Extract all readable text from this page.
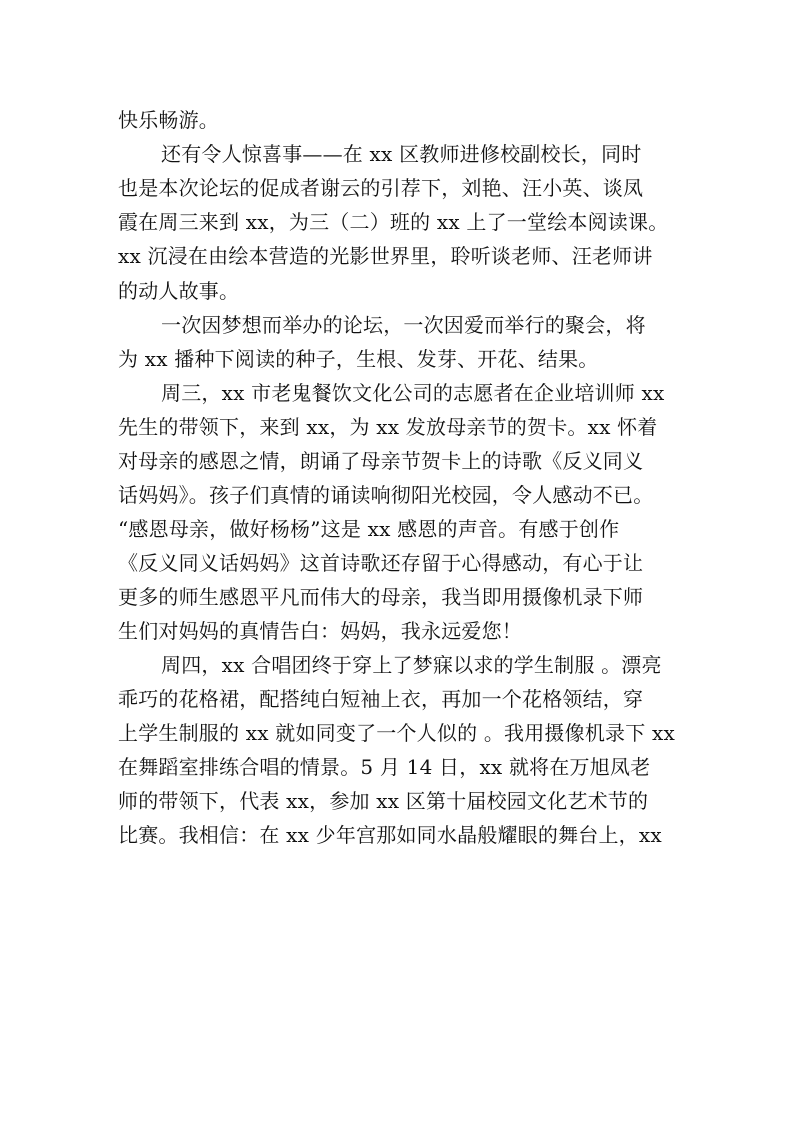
快乐畅游。
还有令人惊喜事——在 xx 区教师进修校副校长，同时
也是本次论坛的促成者谢云的引荐下，刘艳、汪小英、谈凤
霞在周三来到 xx，为三（二）班的 xx 上了一堂绘本阅读课。
xx 沉浸在由绘本营造的光影世界里，聆听谈老师、汪老师讲
的动人故事。
一次因梦想而举办的论坛，一次因爱而举行的聚会，将
为 xx 播种下阅读的种子，生根、发芽、开花、结果。
周三，xx 市老鬼餐饮文化公司的志愿者在企业培训师 xx
先生的带领下，来到 xx，为 xx 发放母亲节的贺卡。xx 怀着
对母亲的感恩之情，朗诵了母亲节贺卡上的诗歌《反义同义
话妈妈》。孩子们真情的诵读响彻阳光校园，令人感动不已。
“感恩母亲，做好杨杨”这是 xx 感恩的声音。有感于创作
《反义同义话妈妈》这首诗歌还存留于心得感动，有心于让
更多的师生感恩平凡而伟大的母亲，我当即用摄像机录下师
生们对妈妈的真情告白：妈妈，我永远爱您！
周四，xx 合唱团终于穿上了梦寐以求的学生制服 。漂亮
乖巧的花格裙，配搭纯白短袖上衣，再加一个花格领结，穿
上学生制服的 xx 就如同变了一个人似的 。我用摄像机录下 xx
在舞蹈室排练合唱的情景。5 月 14 日，xx 就将在万旭凤老
师的带领下，代表 xx，参加 xx 区第十届校园文化艺术节的
比赛。我相信：在 xx 少年宫那如同水晶般耀眼的舞台上，xx
